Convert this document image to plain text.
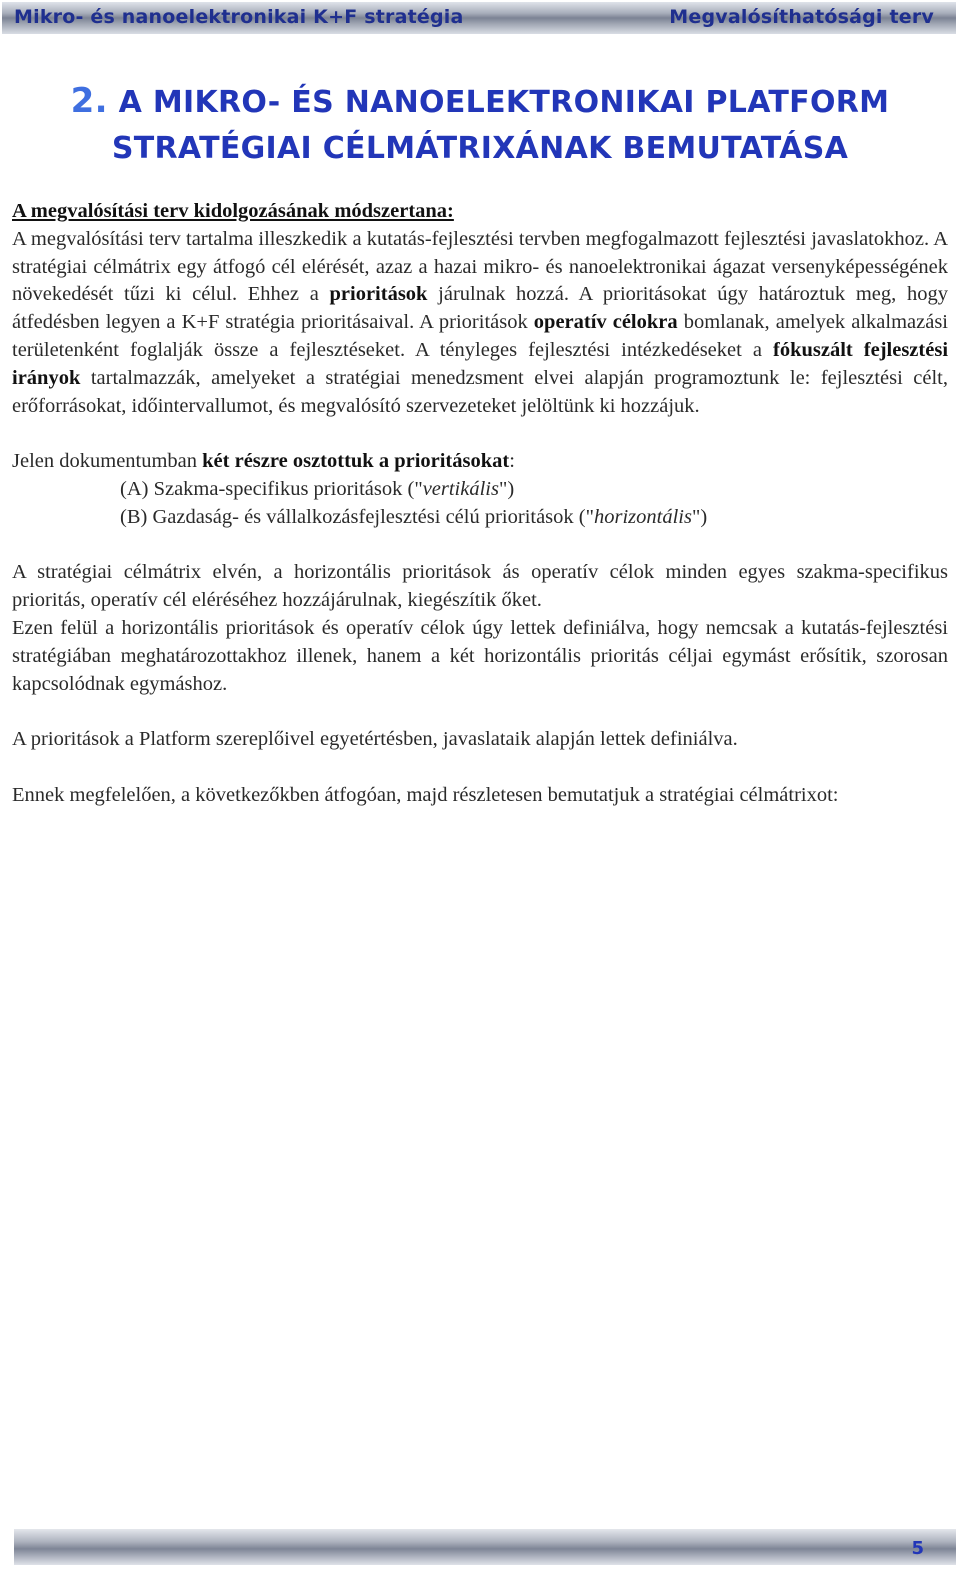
Mikro- és nanoelektronikai K+F stratégia	Megvalósíthatósági terv
2. A MIKRO- ÉS NANOELEKTRONIKAI PLATFORM
STRATÉGIAI CÉLMÁTRIXÁNAK BEMUTATÁSA
A megvalósítási terv kidolgozásának módszertana:

A megvalósítási terv tartalma illeszkedik a kutatás-fejlesztési tervben megfogalmazott fejlesztési javaslatokhoz. A stratégiai célmátrix egy átfogó cél elérését, azaz a hazai mikro- és nanoelektronikai ágazat versenyképességének növekedését tűzi ki célul. Ehhez a prioritások járulnak hozzá. A prioritásokat úgy határoztuk meg, hogy átfedésben legyen a K+F stratégia prioritásaival. A prioritások operatív célokra bomlanak, amelyek alkalmazási területenként foglalják össze a fejlesztéseket. A tényleges fejlesztési intézkedéseket a fókuszált fejlesztési irányok tartalmazzák, amelyeket a stratégiai menedzsment elvei alapján programoztunk le: fejlesztési célt, erőforrásokat, időintervallumot, és megvalósító szervezeteket jelöltünk ki hozzájuk.

Jelen dokumentumban két részre osztottuk a prioritásokat:

(A) Szakma-specifikus prioritások ("vertikális")

(B) Gazdaság- és vállalkozásfejlesztési célú prioritások ("horizontális")

A stratégiai célmátrix elvén, a horizontális prioritások ás operatív célok minden egyes szakma-specifikus prioritás, operatív cél eléréséhez hozzájárulnak, kiegészítik őket.

Ezen felül a horizontális prioritások és operatív célok úgy lettek definiálva, hogy nemcsak a kutatás-fejlesztési stratégiában meghatározottakhoz illenek, hanem a két horizontális prioritás céljai egymást erősítik, szorosan kapcsolódnak egymáshoz.

A prioritások a Platform szereplőivel egyetértésben, javaslataik alapján lettek definiálva.

Ennek megfelelően, a következőkben átfogóan, majd részletesen bemutatjuk a stratégiai célmátrixot:

5
